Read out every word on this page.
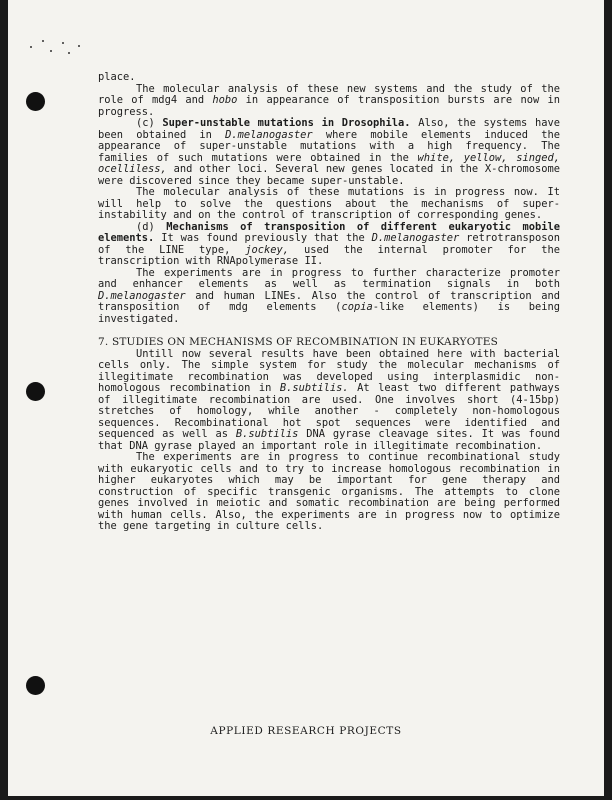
place.

The molecular analysis of these new systems and the study of the role of mdg4 and hobo in appearance of transposition bursts are now in progress.

(c) Super-unstable mutations in Drosophila. Also, the systems have been obtained in D.melanogaster where mobile elements induced the appearance of super-unstable mutations with a high frequency. The families of such mutations were obtained in the white, yellow, singed, ocelliless, and other loci. Several new genes located in the X-chromosome were discovered since they became super-unstable.

The molecular analysis of these mutations is in progress now. It will help to solve the questions about the mechanisms of super-instability and on the control of transcription of corresponding genes.

(d) Mechanisms of transposition of different eukaryotic mobile elements. It was found previously that the D.melanogaster retrotransposon of the LINE type, jockey, used the internal promoter for the transcription with RNApolymerase II.

The experiments are in progress to further characterize promoter and enhancer elements as well as termination signals in both D.melanogaster and human LINEs. Also the control of transcription and transposition of mdg elements (copia-like elements) is being investigated.

7. STUDIES ON MECHANISMS OF RECOMBINATION IN EUKARYOTES

Untill now several results have been obtained here with bacterial cells only. The simple system for study the molecular mechanisms of illegitimate recombination was developed using interplasmidic non-homologous recombination in B.subtilis. At least two different pathways of illegitimate recombination are used. One involves short (4-15bp) stretches of homology, while another - completely non-homologous sequences. Recombinational hot spot sequences were identified and sequenced as well as B.subtilis DNA gyrase cleavage sites. It was found that DNA gyrase played an important role in illegitimate recombination.

The experiments are in progress to continue recombinational study with eukaryotic cells and to try to increase homologous recombination in higher eukaryotes which may be important for gene therapy and construction of specific transgenic organisms. The attempts to clone genes involved in meiotic and somatic recombination are being performed with human cells. Also, the experiments are in progress now to optimize the gene targeting in culture cells.

APPLIED RESEARCH PROJECTS
